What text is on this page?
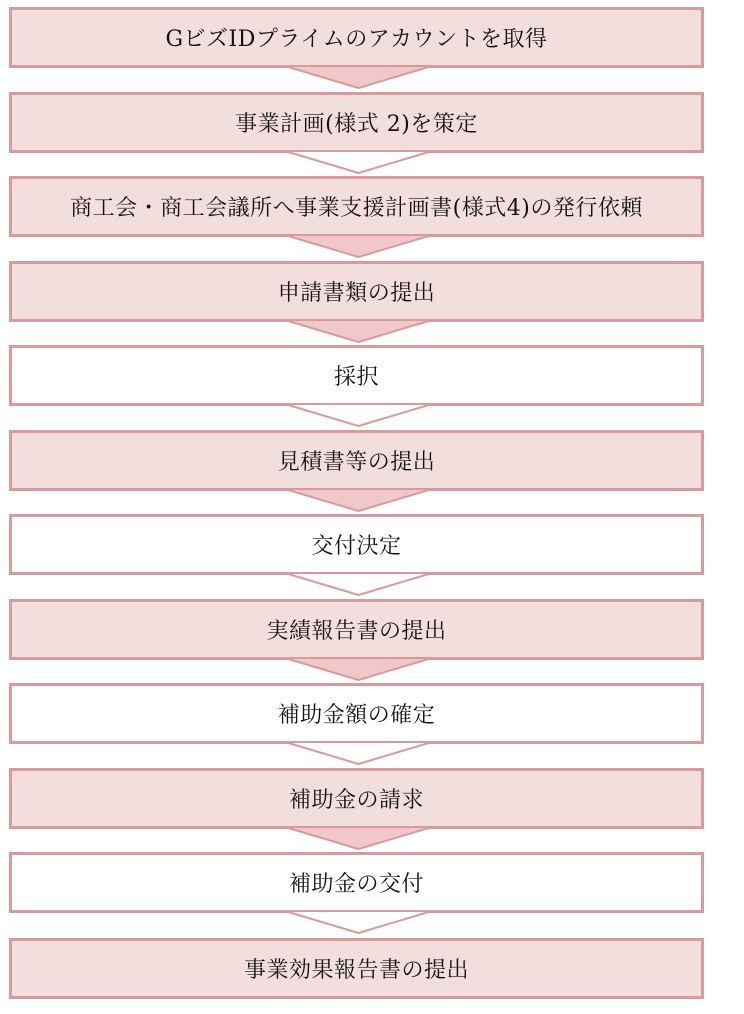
GビズIDプライムのアカウントを取得
事業計画(様式 2)を策定
商工会・商工会議所へ事業支援計画書(様式4)の発行依頼
申請書類の提出
採択
見積書等の提出
交付決定
実績報告書の提出
補助金額の確定
補助金の請求
補助金の交付
事業効果報告書の提出
